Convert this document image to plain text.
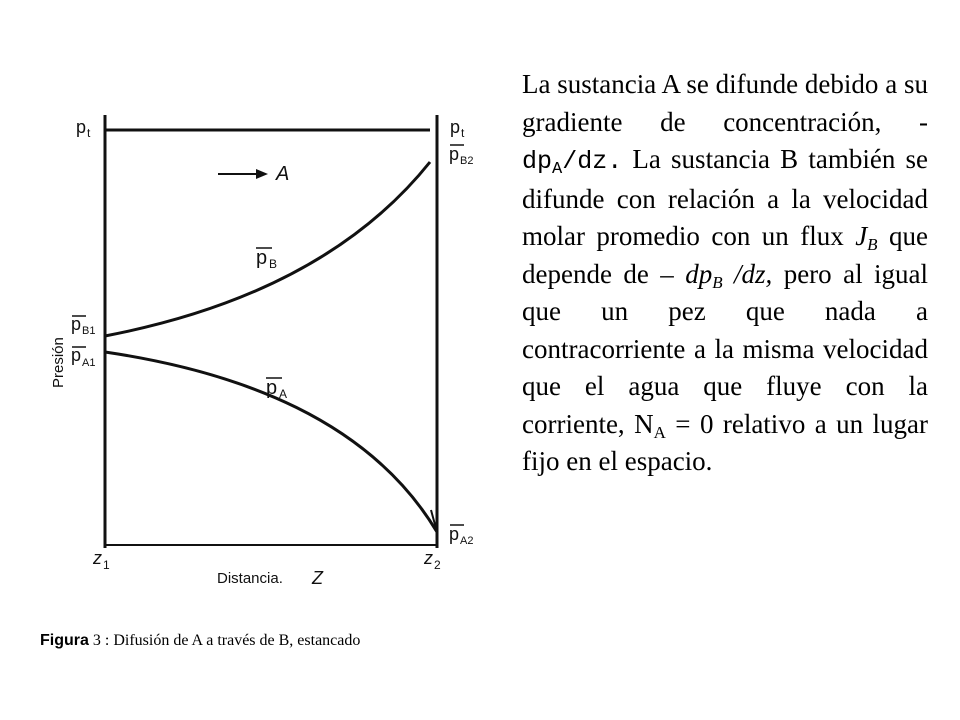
A
Presión
p t
p B1
p A1
p t
p B2
p A2
p B
p A
z 1	z 2
Distancia. Z

La sustancia A se difunde debido a su gradiente de concentración, - $dp_A/dz$. La sustancia B también se difunde con relación a la velocidad molar promedio con un flux $J_B$ que depende de – $dp_B$ /dz, pero al igual que un pez que nada a contracorriente a la misma velocidad que el agua que fluye con la corriente, $N_A = 0$ relativo a un lugar fijo en el espacio.

Figura 3 : Difusión de A a través de B, estancado
